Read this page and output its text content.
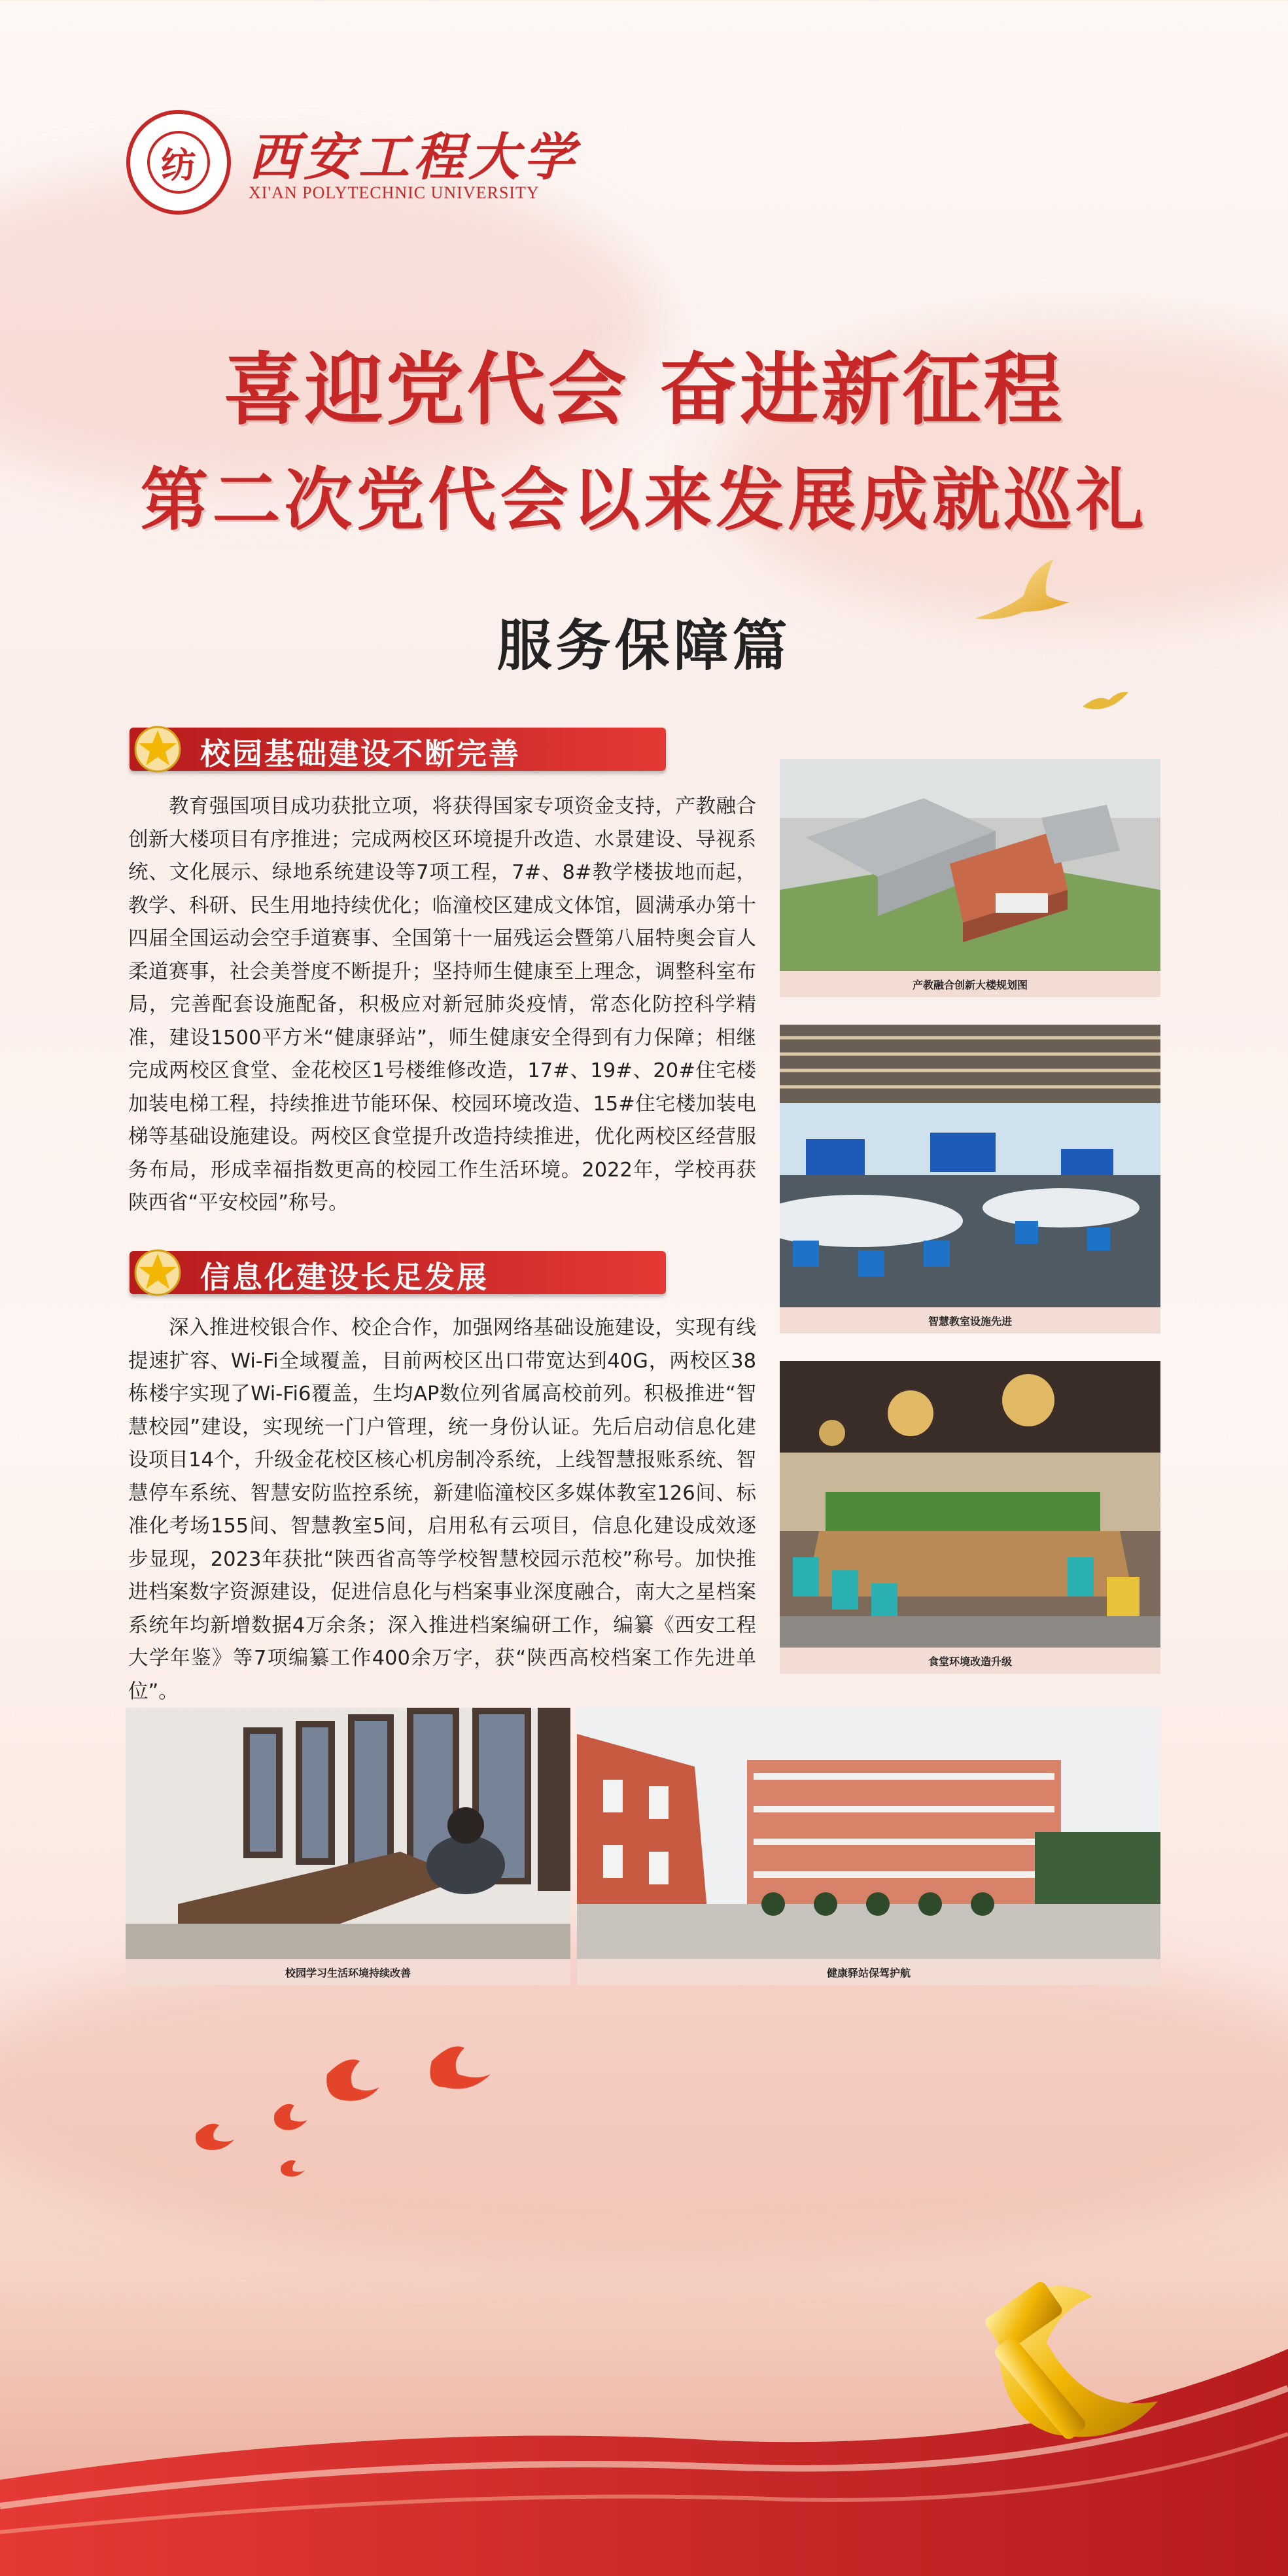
纺	西安工程大学
XI'AN POLYTECHNIC UNIVERSITY
喜迎党代会 奋进新征程
第二次党代会以来发展成就巡礼
服务保障篇
校园基础建设不断完善
教育强国项目成功获批立项，将获得国家专项资金支持，产教融合创新大楼项目有序推进；完成两校区环境提升改造、水景建设、导视系统、文化展示、绿地系统建设等7项工程，7#、8#教学楼拔地而起，教学、科研、民生用地持续优化；临潼校区建成文体馆，圆满承办第十四届全国运动会空手道赛事、全国第十一届残运会暨第八届特奥会盲人柔道赛事，社会美誉度不断提升；坚持师生健康至上理念，调整科室布局，完善配套设施配备，积极应对新冠肺炎疫情，常态化防控科学精准，建设1500平方米“健康驿站”，师生健康安全得到有力保障；相继完成两校区食堂、金花校区1号楼维修改造，17#、19#、20#住宅楼加装电梯工程，持续推进节能环保、校园环境改造、15#住宅楼加装电梯等基础设施建设。两校区食堂提升改造持续推进，优化两校区经营服务布局，形成幸福指数更高的校园工作生活环境。2022年，学校再获陕西省“平安校园”称号。
信息化建设长足发展
深入推进校银合作、校企合作，加强网络基础设施建设，实现有线提速扩容、Wi-Fi全域覆盖，目前两校区出口带宽达到40G，两校区38栋楼宇实现了Wi-Fi6覆盖，生均AP数位列省属高校前列。积极推进“智慧校园”建设，实现统一门户管理，统一身份认证。先后启动信息化建设项目14个，升级金花校区核心机房制冷系统，上线智慧报账系统、智慧停车系统、智慧安防监控系统，新建临潼校区多媒体教室126间、标准化考场155间、智慧教室5间，启用私有云项目，信息化建设成效逐步显现，2023年获批“陕西省高等学校智慧校园示范校”称号。加快推进档案数字资源建设，促进信息化与档案事业深度融合，南大之星档案系统年均新增数据4万余条；深入推进档案编研工作，编纂《西安工程大学年鉴》等7项编纂工作400余万字，获“陕西高校档案工作先进单位”。
产教融合创新大楼规划图
智慧教室设施先进
食堂环境改造升级
校园学习生活环境持续改善	健康驿站保驾护航
